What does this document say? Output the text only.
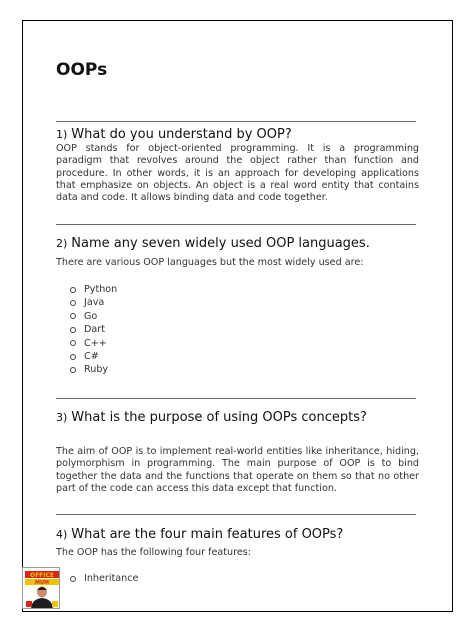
OOPs
1) What do you understand by OOP?

OOP stands for object-oriented programming. It is a programming paradigm that revolves around the object rather than function and procedure. In other words, it is an approach for developing applications that emphasize on objects. An object is a real word entity that contains data and code. It allows binding data and code together.

2) Name any seven widely used OOP languages.

There are various OOP languages but the most widely used are:

Python
Java
Go
Dart
C++
C#
Ruby
3) What is the purpose of using OOPs concepts?

The aim of OOP is to implement real-world entities like inheritance, hiding, polymorphism in programming. The main purpose of OOP is to bind together the data and the functions that operate on them so that no other part of the code can access this data except that function.

4) What are the four main features of OOPs?

The OOP has the following four features:

Inheritance
OFFICE
MUM
